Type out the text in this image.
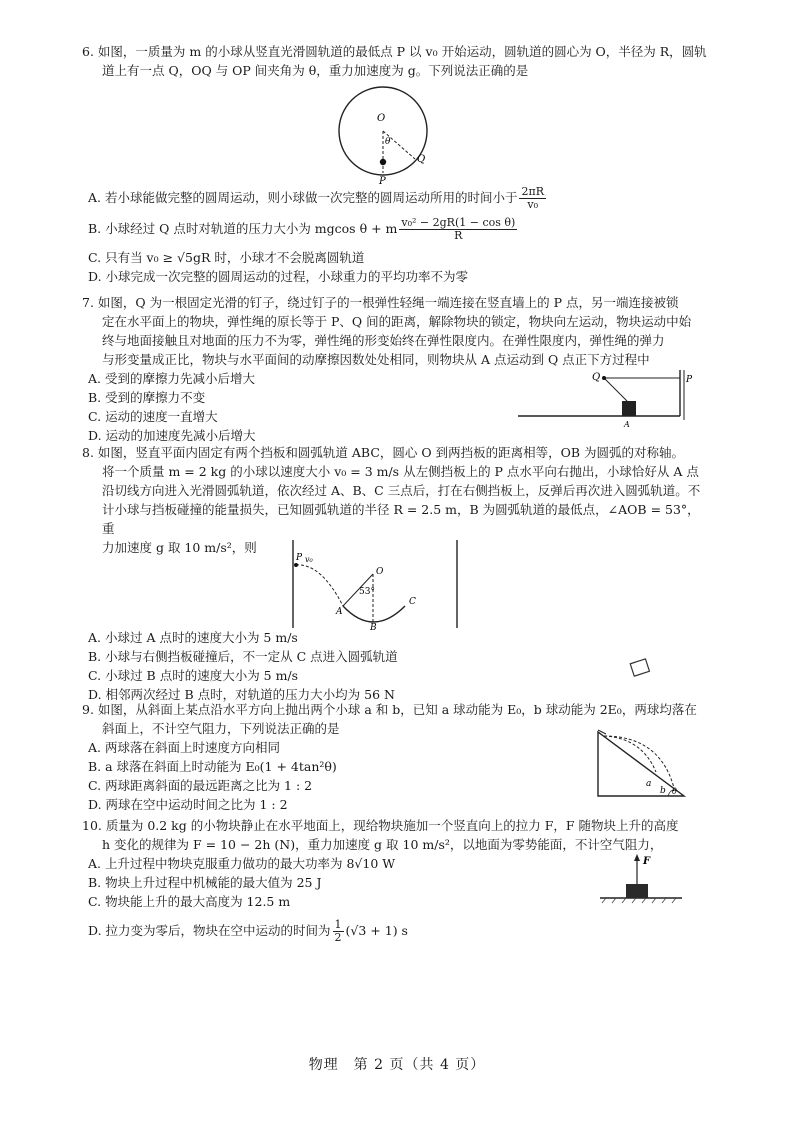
6. 如图，一质量为 m 的小球从竖直光滑圆轨道的最低点 P 以 v₀ 开始运动，圆轨道的圆心为 O，半径为 R，圆轨

道上有一点 Q，OQ 与 OP 间夹角为 θ，重力加速度为 g。下列说法正确的是

O
θ
Q
P

A. 若小球能做完整的圆周运动，则小球做一次完整的圆周运动所用的时间小于 $\frac{2\pi R}{\text{v₀}}$

B. 小球经过 Q 点时对轨道的压力大小为 mgcos θ + m $\frac{\text{v₀² − 2gR(1 − cos θ)}}{R}$

C. 只有当 v₀ ≥ √5gR 时，小球才不会脱离圆轨道

D. 小球完成一次完整的圆周运动的过程，小球重力的平均功率不为零

7. 如图，Q 为一根固定光滑的钉子，绕过钉子的一根弹性轻绳一端连接在竖直墙上的 P 点，另一端连接被锁

定在水平面上的物块，弹性绳的原长等于 P、Q 间的距离，解除物块的锁定，物块向左运动，物块运动中始

终与地面接触且对地面的压力不为零，弹性绳的形变始终在弹性限度内。在弹性限度内，弹性绳的弹力

与形变量成正比，物块与水平面间的动摩擦因数处处相同，则物块从 A 点运动到 Q 点正下方过程中

A. 受到的摩擦力先减小后增大

B. 受到的摩擦力不变

C. 运动的速度一直增大

D. 运动的加速度先减小后增大

Q	P
A

8. 如图，竖直平面内固定有两个挡板和圆弧轨道 ABC，圆心 O 到两挡板的距离相等，OB 为圆弧的对称轴。

将一个质量 m = 2 kg 的小球以速度大小 v₀ = 3 m/s 从左侧挡板上的 P 点水平向右抛出，小球恰好从 A 点

沿切线方向进入光滑圆弧轨道，依次经过 A、B、C 三点后，打在右侧挡板上，反弹后再次进入圆弧轨道。不

计小球与挡板碰撞的能量损失，已知圆弧轨道的半径 R = 2.5 m，B 为圆弧轨道的最低点，∠AOB = 53°，重

力加速度 g 取 10 m/s²，则

P v₀
O
53°
A
B
C

A. 小球过 A 点时的速度大小为 5 m/s

B. 小球与右侧挡板碰撞后，不一定从 C 点进入圆弧轨道

C. 小球过 B 点时的速度大小为 5 m/s

D. 相邻两次经过 B 点时，对轨道的压力大小均为 56 N

9. 如图，从斜面上某点沿水平方向上抛出两个小球 a 和 b，已知 a 球动能为 E₀，b 球动能为 2E₀，两球均落在

斜面上，不计空气阻力，下列说法正确的是

A. 两球落在斜面上时速度方向相同

B. a 球落在斜面上时动能为 E₀(1 + 4tan²θ)

C. 两球距离斜面的最远距离之比为 1 : 2

D. 两球在空中运动时间之比为 1 : 2

a
b θ

10. 质量为 0.2 kg 的小物块静止在水平地面上，现给物块施加一个竖直向上的拉力 F，F 随物块上升的高度

h 变化的规律为 F = 10 − 2h (N)，重力加速度 g 取 10 m/s²，以地面为零势能面，不计空气阻力，

A. 上升过程中物块克服重力做功的最大功率为 8√10 W

B. 物块上升过程中机械能的最大值为 25 J

C. 物块能上升的最大高度为 12.5 m

D. 拉力变为零后，物块在空中运动的时间为 $\frac{1}{2} (√3 + 1)$ s

F
物理　第 2 页（共 4 页）
